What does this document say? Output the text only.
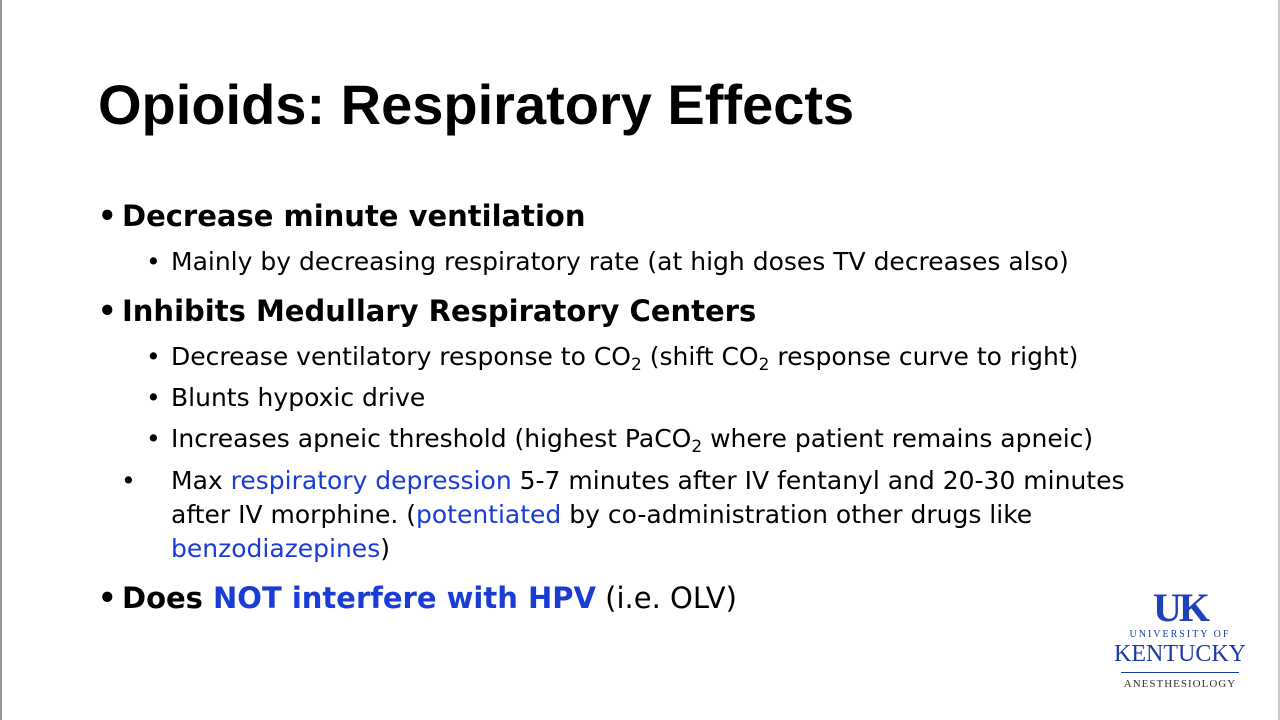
Opioids: Respiratory Effects
• Decrease minute ventilation
• Mainly by decreasing respiratory rate (at high doses TV decreases also)
• Inhibits Medullary Respiratory Centers
• Decrease ventilatory response to $CO_2$ (shift $CO_2$ response curve to right)
• Blunts hypoxic drive
• Increases apneic threshold (highest PaCO$_2$ where patient remains apneic)
• Max respiratory depression 5-7 minutes after IV fentanyl and 20-30 minutes after IV morphine. (potentiated by co-administration other drugs like benzodiazepines)
• Does NOT interfere with HPV (i.e. OLV)	UK
UNIVERSITY OF
KENTUCKY
ANESTHESIOLOGY
